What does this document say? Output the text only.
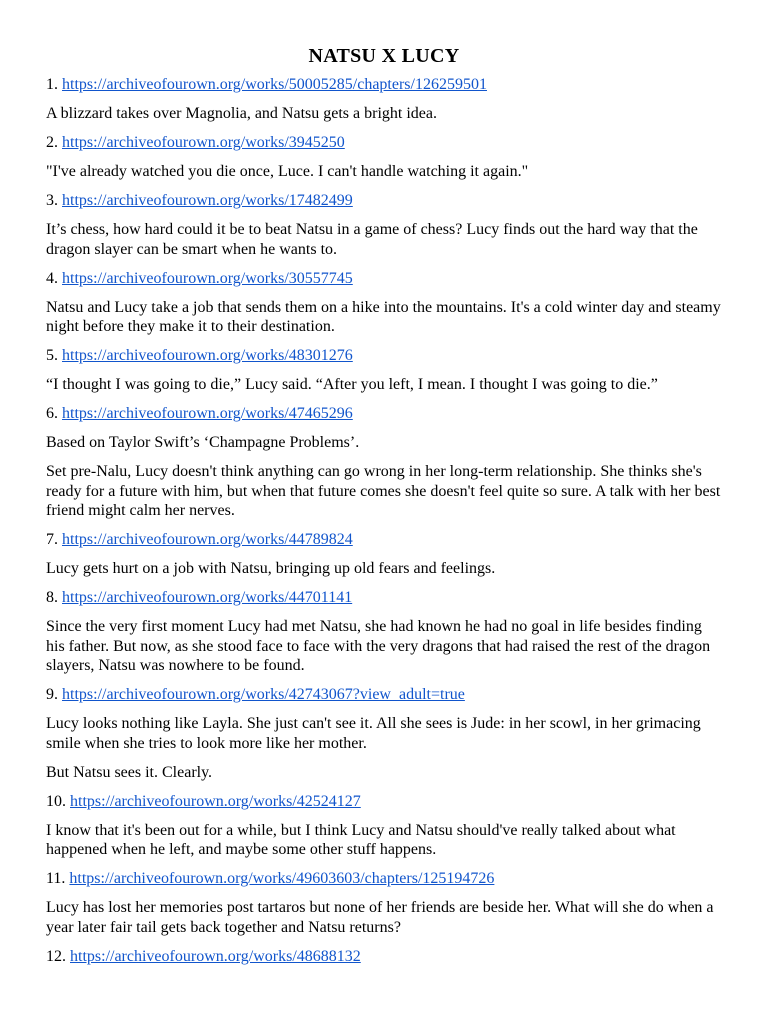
NATSU X LUCY

1. https://archiveofourown.org/works/50005285/chapters/126259501

A blizzard takes over Magnolia, and Natsu gets a bright idea.

2. https://archiveofourown.org/works/3945250

"I've already watched you die once, Luce. I can't handle watching it again."

3. https://archiveofourown.org/works/17482499

It’s chess, how hard could it be to beat Natsu in a game of chess? Lucy finds out the hard way that the dragon slayer can be smart when he wants to.

4. https://archiveofourown.org/works/30557745

Natsu and Lucy take a job that sends them on a hike into the mountains. It's a cold winter day and steamy night before they make it to their destination.

5. https://archiveofourown.org/works/48301276

“I thought I was going to die,” Lucy said. “After you left, I mean. I thought I was going to die.”

6. https://archiveofourown.org/works/47465296

Based on Taylor Swift’s ‘Champagne Problems’.

Set pre-Nalu, Lucy doesn't think anything can go wrong in her long-term relationship. She thinks she's ready for a future with him, but when that future comes she doesn't feel quite so sure. A talk with her best friend might calm her nerves.

7. https://archiveofourown.org/works/44789824

Lucy gets hurt on a job with Natsu, bringing up old fears and feelings.

8. https://archiveofourown.org/works/44701141

Since the very first moment Lucy had met Natsu, she had known he had no goal in life besides finding his father. But now, as she stood face to face with the very dragons that had raised the rest of the dragon slayers, Natsu was nowhere to be found.

9. https://archiveofourown.org/works/42743067?view_adult=true

Lucy looks nothing like Layla. She just can't see it. All she sees is Jude: in her scowl, in her grimacing smile when she tries to look more like her mother.

But Natsu sees it. Clearly.

10. https://archiveofourown.org/works/42524127

I know that it's been out for a while, but I think Lucy and Natsu should've really talked about what happened when he left, and maybe some other stuff happens.

11. https://archiveofourown.org/works/49603603/chapters/125194726

Lucy has lost her memories post tartaros but none of her friends are beside her. What will she do when a year later fair tail gets back together and Natsu returns?

12. https://archiveofourown.org/works/48688132
